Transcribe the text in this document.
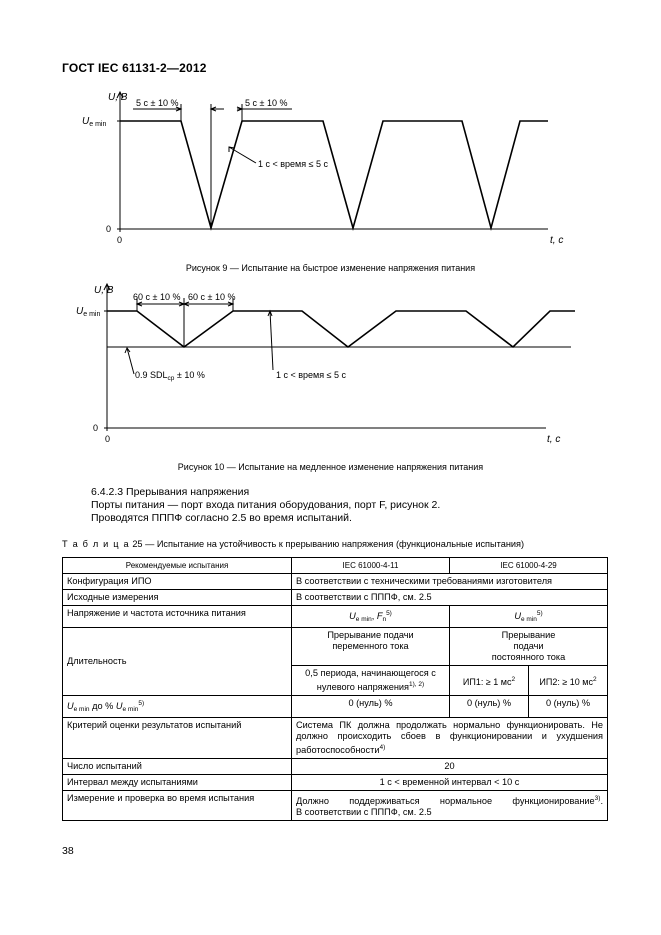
ГОСТ IEC 61131-2—2012
5 с ± 10 %	5 с ± 10 %
1 с < время ≤ 5 с
U, В
$U_{e min}$
0
0	t, с
Рисунок 9 — Испытание на быстрое изменение напряжения питания
60 с ± 10 % 60 с ± 10 %
0.9 $SDL_{ср} \pm 10$ %	1 с < время ≤ 5 с
U, В
$U_{e min}$
0
0	t, с
Рисунок 10 — Испытание на медленное изменение напряжения питания
6.4.2.3 Прерывания напряжения
Порты питания — порт входа питания оборудования, порт F, рисунок 2.
Проводятся ПППФ согласно 2.5 во время испытаний.
Т а б л и ц а 25 — Испытание на устойчивость к прерыванию напряжения (функциональные испытания)
Рекомендуемые испытания	IEC 61000-4-11	IEC 61000-4-29	
Конфигурация ИПО	В соответствии с техническими требованиями изготовителя		
Исходные измерения	В соответствии с ПППФ, см. 2.5		
Напряжение и частота источника питания	$U_{e min}$, $F_n^{5)}$	$U_{e min}^{5)}$
Длительность	Прерывание подачи переменного тока	Прерывание подачи постоянного тока	
	0,5 периода, начинающегося с нулевого напряжения$^{1), 2)}$	ИП1: ≥ 1 $мс^2$	ИП2: ≥ 10 $мс^2$
$U_{e min}$ до % $U_{e min}^{5)}$	0 (нуль) %	0 (нуль) %	0 (нуль) %
Критерий оценки результатов испытаний	Система ПК должна продолжать нормально функционировать. Не должно происходить сбоев в функционировании и ухудшения работоспособности$^{4)}$
Число испытаний	20		
Интервал между испытаниями	1 с < временной интервал < 10 с		
Измерение и проверка во время испытания	Должно поддерживаться нормальное функционирование$^{3)}$.
В соответствии с ПППФ, см. 2.5		
38
